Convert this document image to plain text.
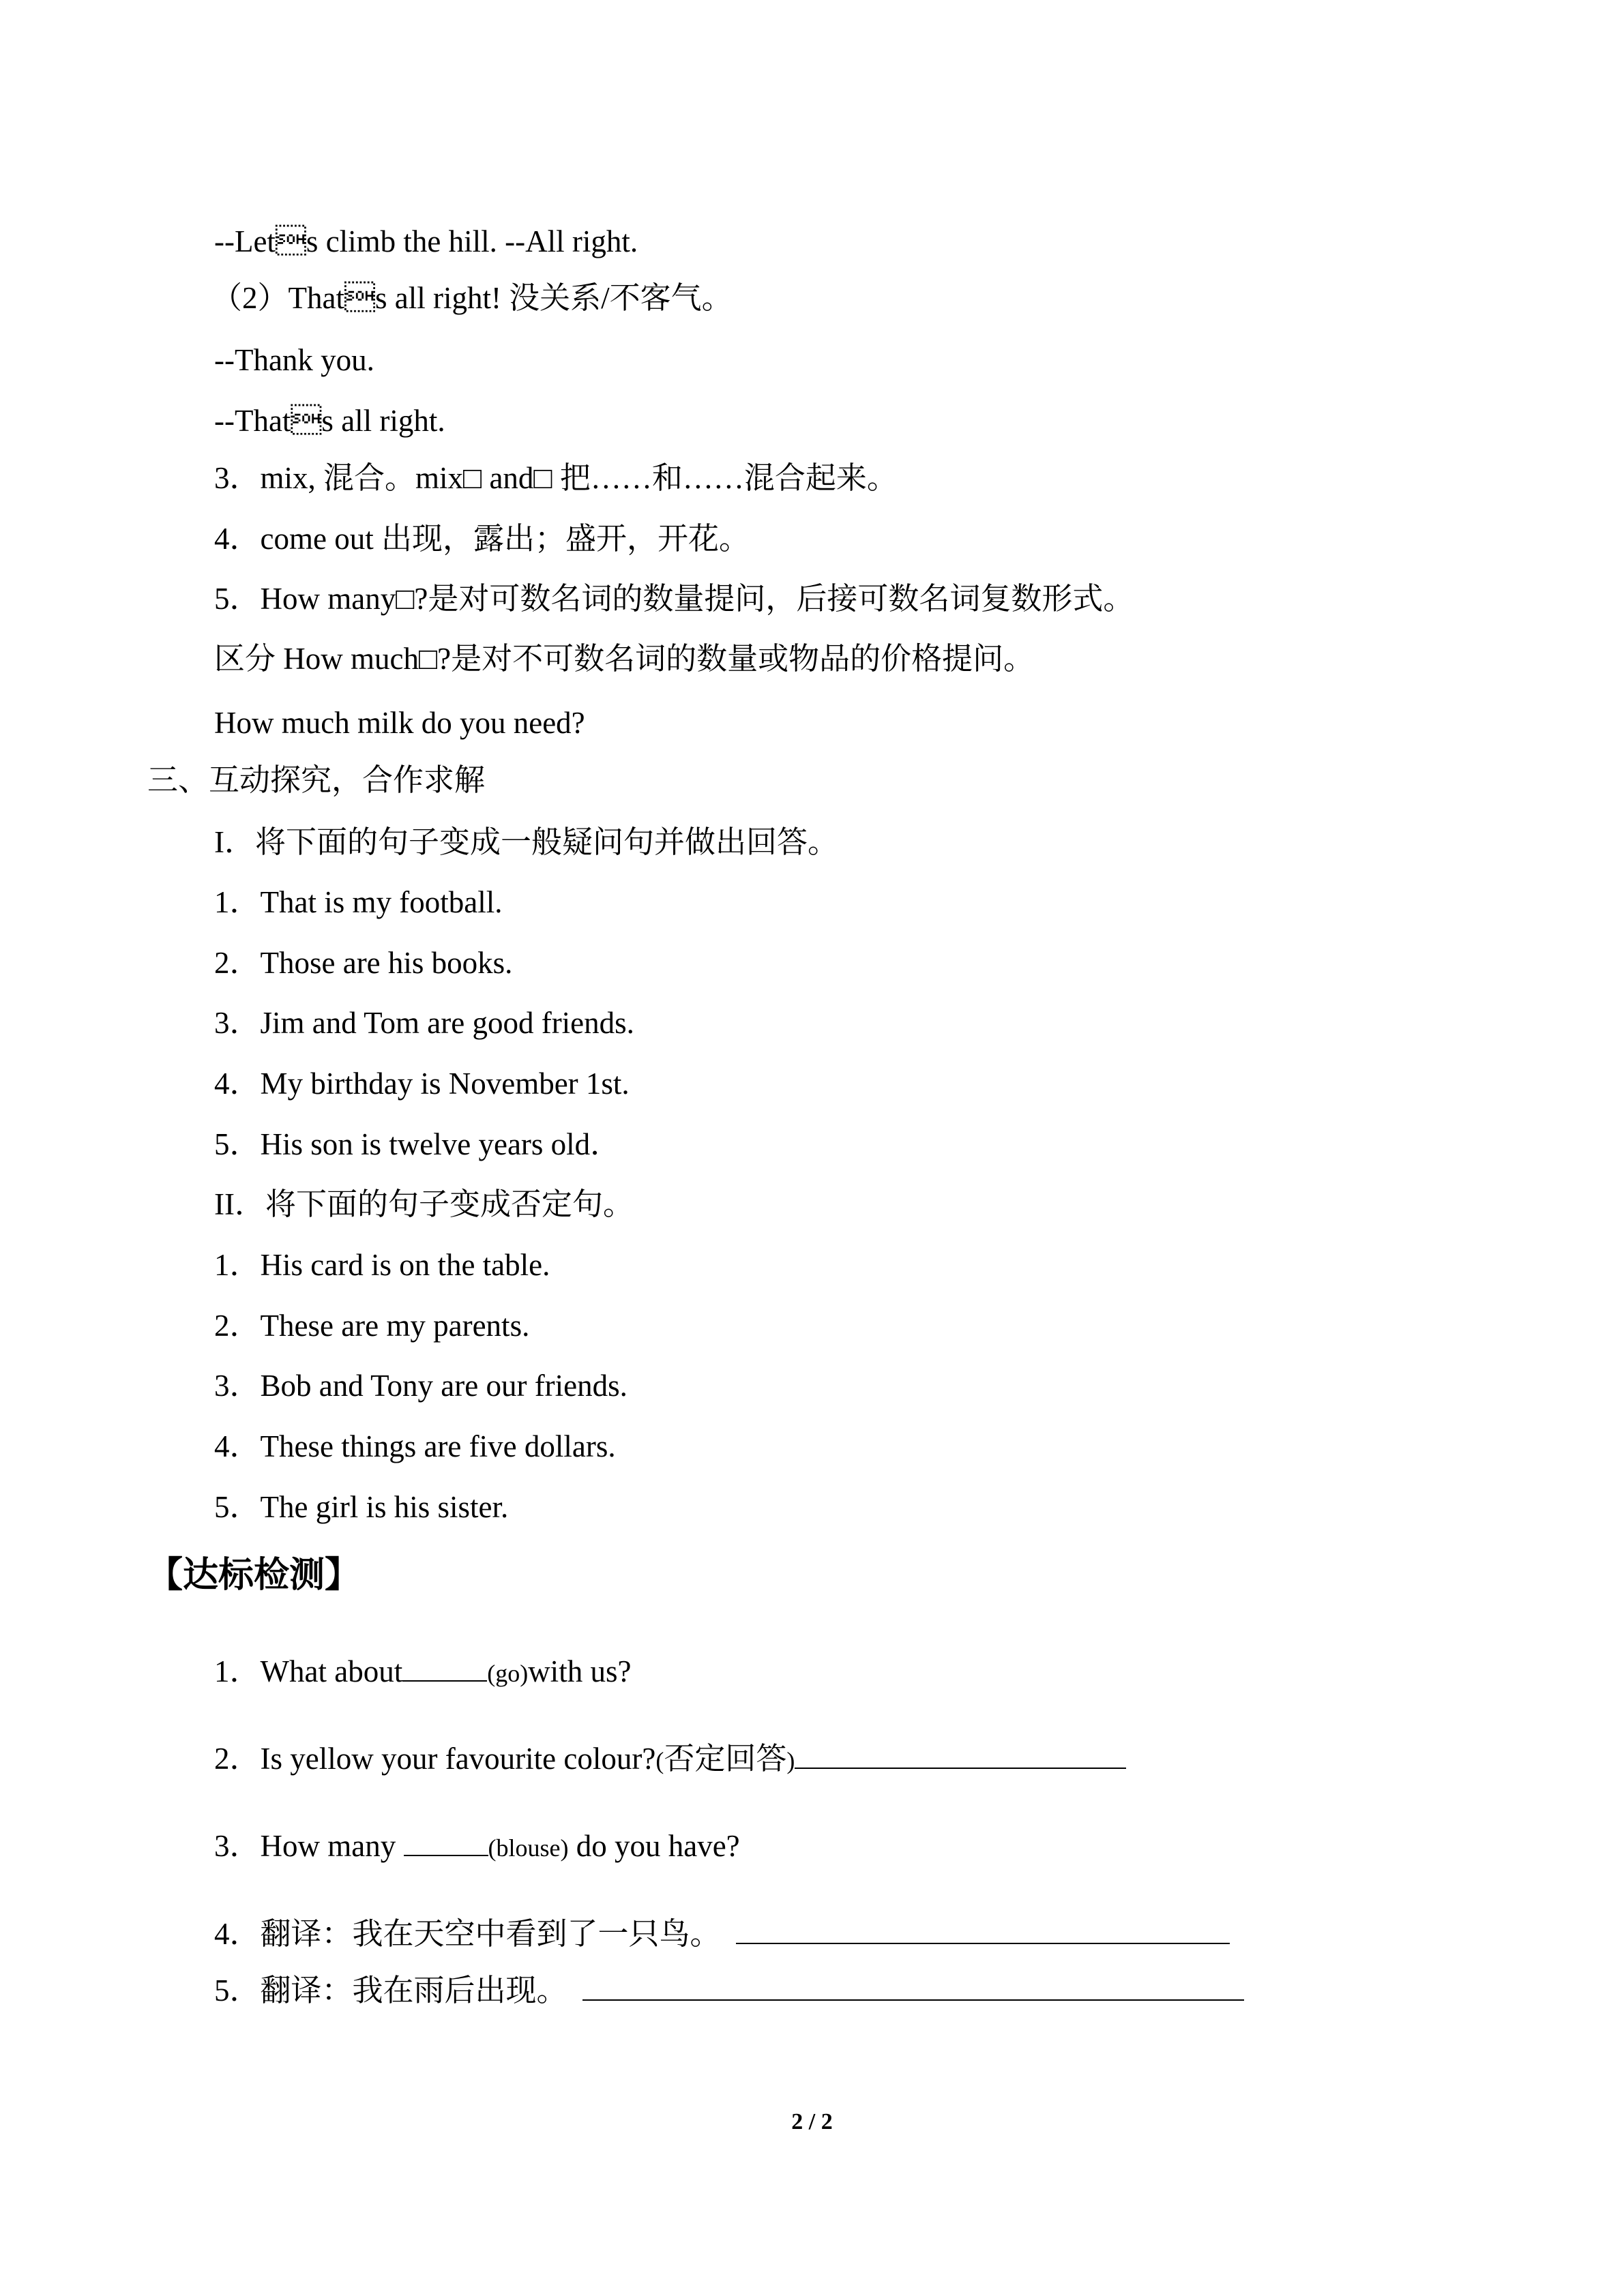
--Lets climb the hill. --All right.
（2）Thats all right! 没关系/不客气。
--Thank you.
--Thats all right.
3．mix, 混合。mix□ and□ 把……和……混合起来。
4．come out 出现，露出；盛开，开花。
5．How many□?是对可数名词的数量提问，后接可数名词复数形式。
区分 How much□?是对不可数名词的数量或物品的价格提问。
How much milk do you need?
三、互动探究，合作求解
I．将下面的句子变成一般疑问句并做出回答。
1．That is my football.
2．Those are his books.
3．Jim and Tom are good friends.
4．My birthday is November 1st.
5．His son is twelve years old．
II．将下面的句子变成否定句。
1．His card is on the table.
2．These are my parents.
3．Bob and Tony are our friends.
4．These things are five dollars.
5．The girl is his sister.
【达标检测】
1．What about	(go)with us?
2．Is yellow your favourite colour?(否定回答)
3．How many	(blouse) do you have?
4．翻译：我在天空中看到了一只鸟。
5．翻译：我在雨后出现。
2 / 2
